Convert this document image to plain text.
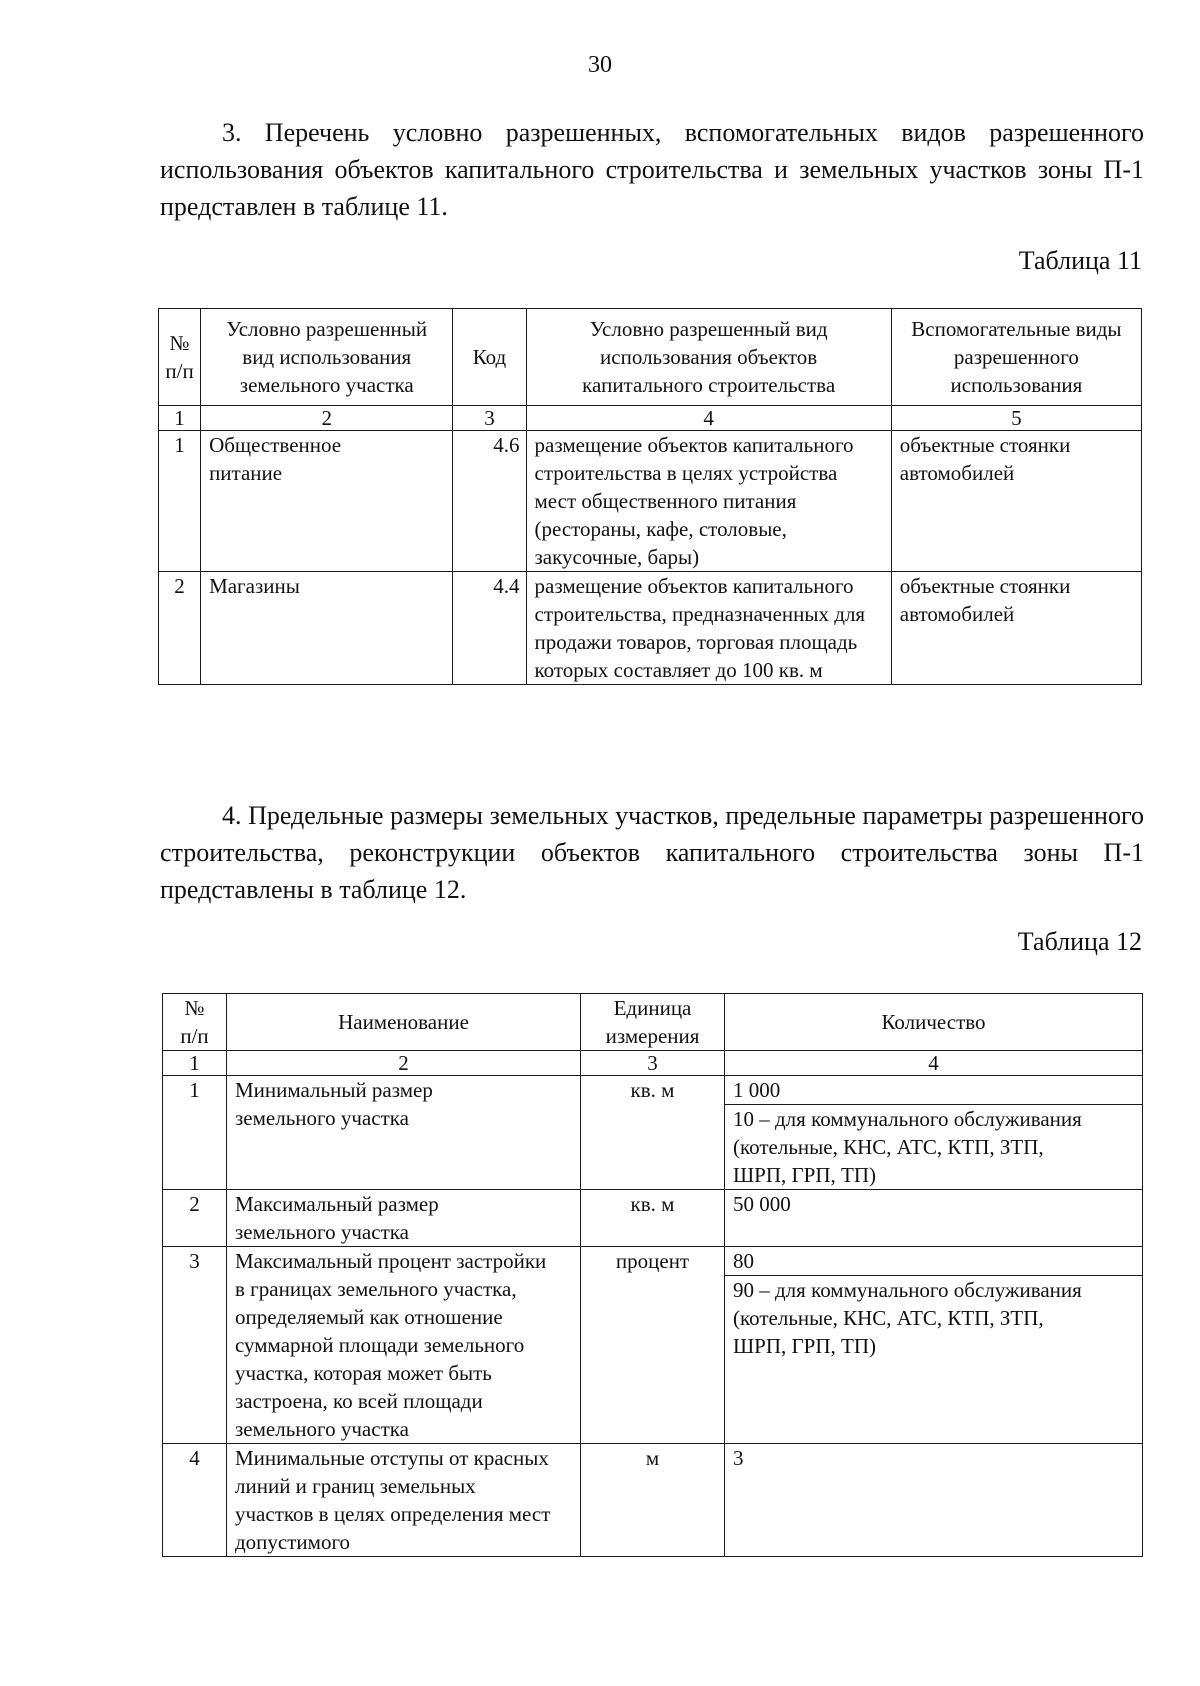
30

3. Перечень условно разрешенных, вспомогательных видов разрешенного использования объектов капитального строительства и земельных участков зоны П-1 представлен в таблице 11.

Таблица 11
№ п/п	Условно разрешенный вид использования земельного участка	Код	Условно разрешенный вид использования объектов капитального строительства	Вспомогательные виды разрешенного использования
1	2	3	4	5
1	Общественное питание	4.6	размещение объектов капитального строительства в целях устройства мест общественного питания (рестораны, кафе, столовые, закусочные, бары)	объектные стоянки автомобилей
2	Магазины	4.4	размещение объектов капитального строительства, предназначенных для продажи товаров, торговая площадь которых составляет до 100 кв. м	объектные стоянки автомобилей

4. Предельные размеры земельных участков, предельные параметры разрешенного строительства, реконструкции объектов капитального строительства зоны П-1 представлены в таблице 12.

Таблица 12
№ п/п	Наименование	Единица измерения	Количество
1	2	3	4
1	Минимальный размер земельного участка	кв. м	1 000
10 – для коммунального обслуживания (котельные, КНС, АТС, КТП, ЗТП, ШРП, ГРП, ТП)

2	Максимальный размер земельного участка	кв. м	50 000
3	Максимальный процент застройки в границах земельного участка, определяемый как отношение суммарной площади земельного участка, которая может быть застроена, ко всей площади земельного участка	процент	80
90 – для коммунального обслуживания (котельные, КНС, АТС, КТП, ЗТП, ШРП, ГРП, ТП)

4	Минимальные отступы от красных линий и границ земельных участков в целях определения мест допустимого	м	3
